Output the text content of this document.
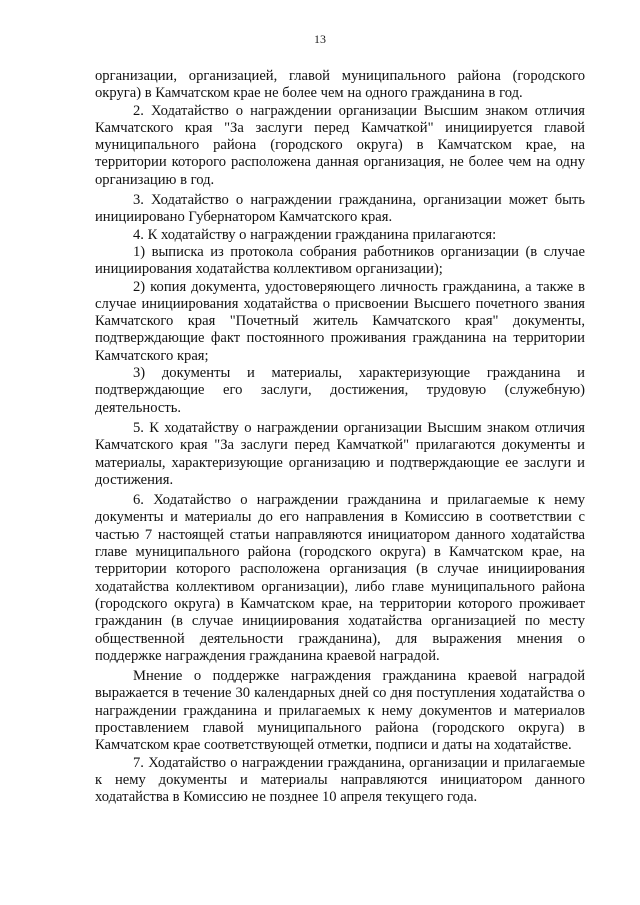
13

организации, организацией, главой муниципального района (городского округа) в Камчатском крае не более чем на одного гражданина в год.

2. Ходатайство о награждении организации Высшим знаком отличия Камчатского края "За заслуги перед Камчаткой" инициируется главой муниципального района (городского округа) в Камчатском крае, на территории которого расположена данная организация, не более чем на одну организацию в год.

3. Ходатайство о награждении гражданина, организации может быть инициировано Губернатором Камчатского края.

4. К ходатайству о награждении гражданина прилагаются:

1) выписка из протокола собрания работников организации (в случае инициирования ходатайства коллективом организации);

2) копия документа, удостоверяющего личность гражданина, а также в случае инициирования ходатайства о присвоении Высшего почетного звания Камчатского края "Почетный житель Камчатского края" документы, подтверждающие факт постоянного проживания гражданина на территории Камчатского края;

3) документы и материалы, характеризующие гражданина и подтверждающие его заслуги, достижения, трудовую (служебную) деятельность.

5. К ходатайству о награждении организации Высшим знаком отличия Камчатского края "За заслуги перед Камчаткой" прилагаются документы и материалы, характеризующие организацию и подтверждающие ее заслуги и достижения.

6. Ходатайство о награждении гражданина и прилагаемые к нему документы и материалы до его направления в Комиссию в соответствии с частью 7 настоящей статьи направляются инициатором данного ходатайства главе муниципального района (городского округа) в Камчатском крае, на территории которого расположена организация (в случае инициирования ходатайства коллективом организации), либо главе муниципального района (городского округа) в Камчатском крае, на территории которого проживает гражданин (в случае инициирования ходатайства организацией по месту общественной деятельности гражданина), для выражения мнения о поддержке награждения гражданина краевой наградой.

Мнение о поддержке награждения гражданина краевой наградой выражается в течение 30 календарных дней со дня поступления ходатайства о награждении гражданина и прилагаемых к нему документов и материалов проставлением главой муниципального района (городского округа) в Камчатском крае соответствующей отметки, подписи и даты на ходатайстве.

7. Ходатайство о награждении гражданина, организации и прилагаемые к нему документы и материалы направляются инициатором данного ходатайства в Комиссию не позднее 10 апреля текущего года.
